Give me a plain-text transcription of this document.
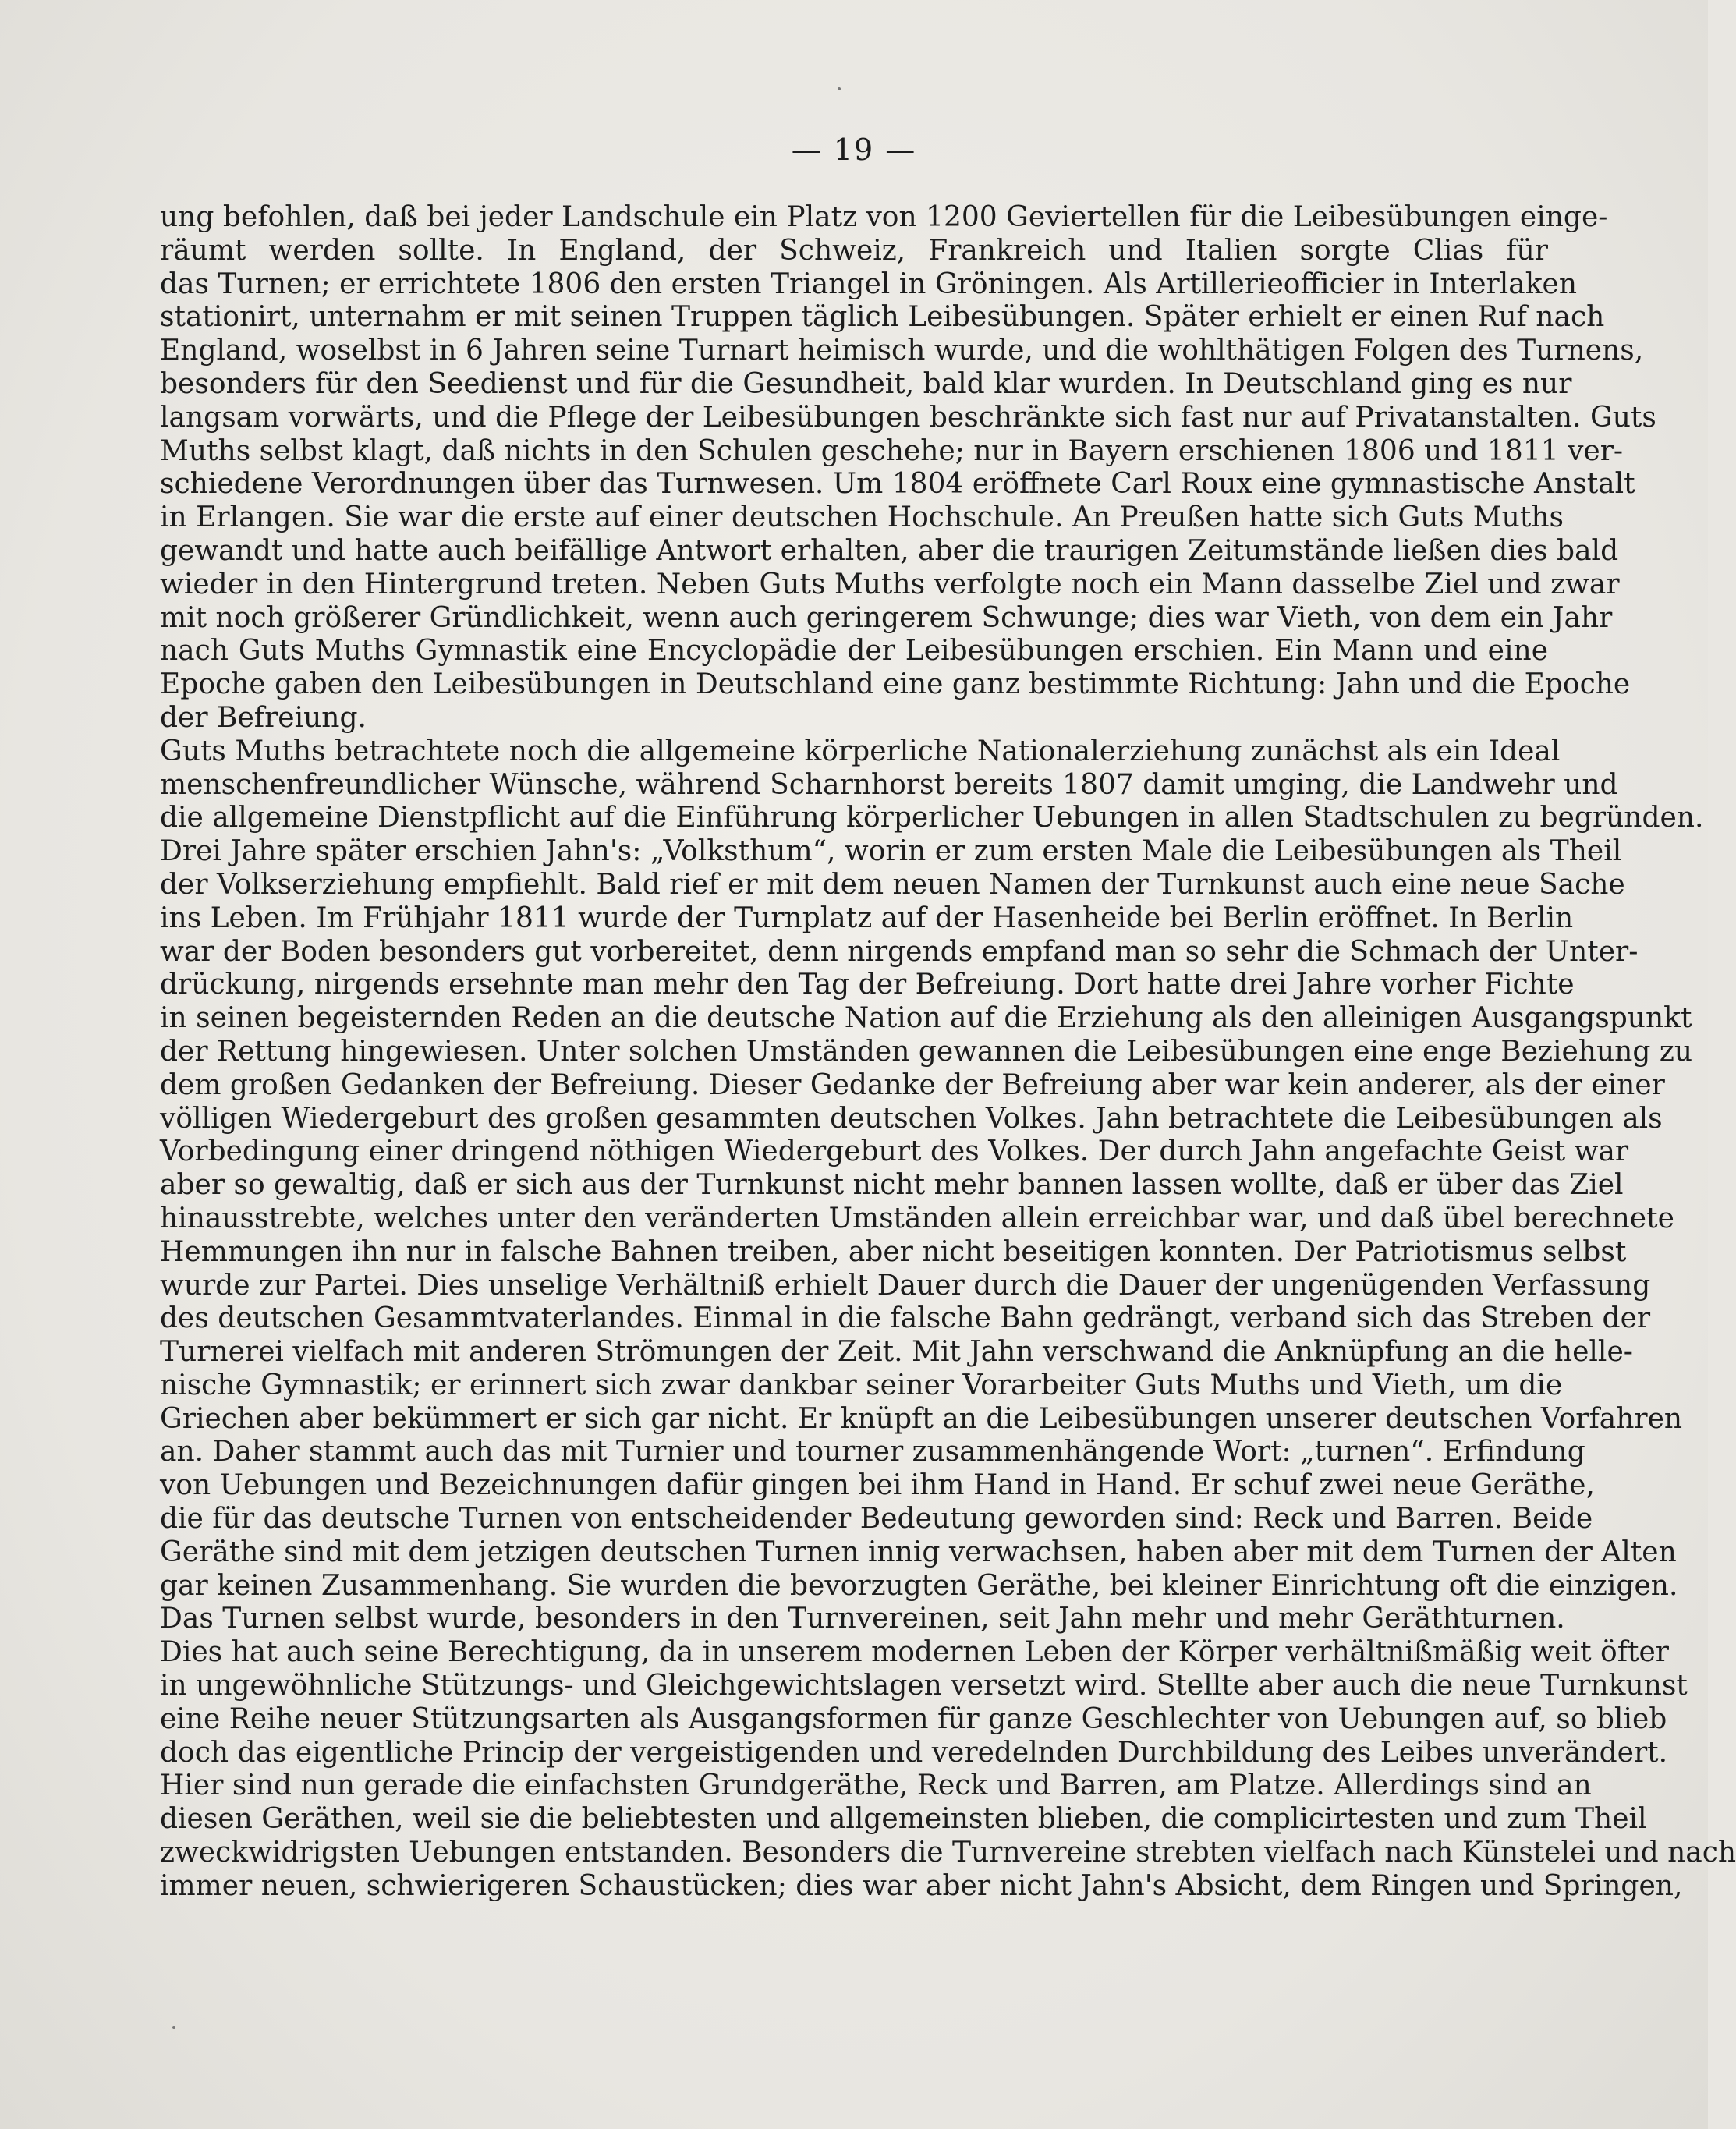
— 19 —
ung befohlen, daß bei jeder Landschule ein Platz von 1200 Geviertellen für die Leibesübungen einge-
räumt werden sollte. In England, der Schweiz, Frankreich und Italien sorgte Clias für
das Turnen; er errichtete 1806 den ersten Triangel in Gröningen. Als Artillerieofficier in Interlaken
stationirt, unternahm er mit seinen Truppen täglich Leibesübungen. Später erhielt er einen Ruf nach
England, woselbst in 6 Jahren seine Turnart heimisch wurde, und die wohlthätigen Folgen des Turnens,
besonders für den Seedienst und für die Gesundheit, bald klar wurden. In Deutschland ging es nur
langsam vorwärts, und die Pflege der Leibesübungen beschränkte sich fast nur auf Privatanstalten. Guts
Muths selbst klagt, daß nichts in den Schulen geschehe; nur in Bayern erschienen 1806 und 1811 ver-
schiedene Verordnungen über das Turnwesen. Um 1804 eröffnete Carl Roux eine gymnastische Anstalt
in Erlangen. Sie war die erste auf einer deutschen Hochschule. An Preußen hatte sich Guts Muths
gewandt und hatte auch beifällige Antwort erhalten, aber die traurigen Zeitumstände ließen dies bald
wieder in den Hintergrund treten. Neben Guts Muths verfolgte noch ein Mann dasselbe Ziel und zwar
mit noch größerer Gründlichkeit, wenn auch geringerem Schwunge; dies war Vieth, von dem ein Jahr
nach Guts Muths Gymnastik eine Encyclopädie der Leibesübungen erschien. Ein Mann und eine
Epoche gaben den Leibesübungen in Deutschland eine ganz bestimmte Richtung: Jahn und die Epoche
der Befreiung.
Guts Muths betrachtete noch die allgemeine körperliche Nationalerziehung zunächst als ein Ideal
menschenfreundlicher Wünsche, während Scharnhorst bereits 1807 damit umging, die Landwehr und
die allgemeine Dienstpflicht auf die Einführung körperlicher Uebungen in allen Stadtschulen zu begründen.
Drei Jahre später erschien Jahn's: „Volksthum“, worin er zum ersten Male die Leibesübungen als Theil
der Volkserziehung empfiehlt. Bald rief er mit dem neuen Namen der Turnkunst auch eine neue Sache
ins Leben. Im Frühjahr 1811 wurde der Turnplatz auf der Hasenheide bei Berlin eröffnet. In Berlin
war der Boden besonders gut vorbereitet, denn nirgends empfand man so sehr die Schmach der Unter-
drückung, nirgends ersehnte man mehr den Tag der Befreiung. Dort hatte drei Jahre vorher Fichte
in seinen begeisternden Reden an die deutsche Nation auf die Erziehung als den alleinigen Ausgangspunkt
der Rettung hingewiesen. Unter solchen Umständen gewannen die Leibesübungen eine enge Beziehung zu
dem großen Gedanken der Befreiung. Dieser Gedanke der Befreiung aber war kein anderer, als der einer
völligen Wiedergeburt des großen gesammten deutschen Volkes. Jahn betrachtete die Leibesübungen als
Vorbedingung einer dringend nöthigen Wiedergeburt des Volkes. Der durch Jahn angefachte Geist war
aber so gewaltig, daß er sich aus der Turnkunst nicht mehr bannen lassen wollte, daß er über das Ziel
hinausstrebte, welches unter den veränderten Umständen allein erreichbar war, und daß übel berechnete
Hemmungen ihn nur in falsche Bahnen treiben, aber nicht beseitigen konnten. Der Patriotismus selbst
wurde zur Partei. Dies unselige Verhältniß erhielt Dauer durch die Dauer der ungenügenden Verfassung
des deutschen Gesammtvaterlandes. Einmal in die falsche Bahn gedrängt, verband sich das Streben der
Turnerei vielfach mit anderen Strömungen der Zeit. Mit Jahn verschwand die Anknüpfung an die helle-
nische Gymnastik; er erinnert sich zwar dankbar seiner Vorarbeiter Guts Muths und Vieth, um die
Griechen aber bekümmert er sich gar nicht. Er knüpft an die Leibesübungen unserer deutschen Vorfahren
an. Daher stammt auch das mit Turnier und tourner zusammenhängende Wort: „turnen“. Erfindung
von Uebungen und Bezeichnungen dafür gingen bei ihm Hand in Hand. Er schuf zwei neue Geräthe,
die für das deutsche Turnen von entscheidender Bedeutung geworden sind: Reck und Barren. Beide
Geräthe sind mit dem jetzigen deutschen Turnen innig verwachsen, haben aber mit dem Turnen der Alten
gar keinen Zusammenhang. Sie wurden die bevorzugten Geräthe, bei kleiner Einrichtung oft die einzigen.
Das Turnen selbst wurde, besonders in den Turnvereinen, seit Jahn mehr und mehr Geräthturnen.
Dies hat auch seine Berechtigung, da in unserem modernen Leben der Körper verhältnißmäßig weit öfter
in ungewöhnliche Stützungs- und Gleichgewichtslagen versetzt wird. Stellte aber auch die neue Turnkunst
eine Reihe neuer Stützungsarten als Ausgangsformen für ganze Geschlechter von Uebungen auf, so blieb
doch das eigentliche Princip der vergeistigenden und veredelnden Durchbildung des Leibes unverändert.
Hier sind nun gerade die einfachsten Grundgeräthe, Reck und Barren, am Platze. Allerdings sind an
diesen Geräthen, weil sie die beliebtesten und allgemeinsten blieben, die complicirtesten und zum Theil
zweckwidrigsten Uebungen entstanden. Besonders die Turnvereine strebten vielfach nach Künstelei und nach
immer neuen, schwierigeren Schaustücken; dies war aber nicht Jahn's Absicht, dem Ringen und Springen,
